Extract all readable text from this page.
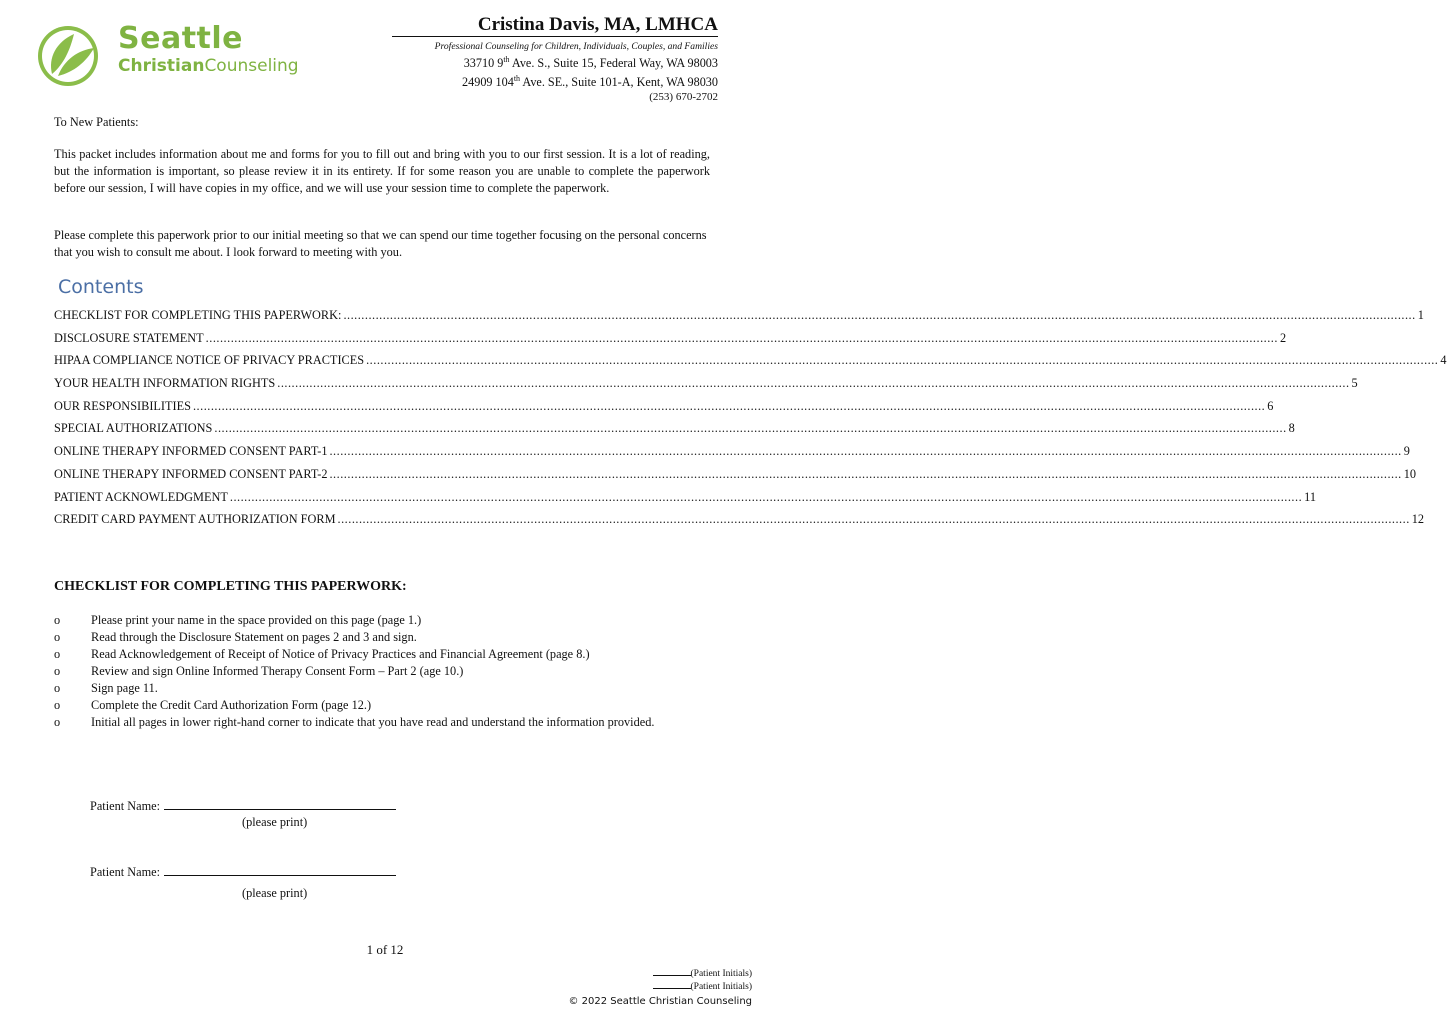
Seattle
ChristianCounseling
Cristina Davis, MA, LMHCA
Professional Counseling for Children, Individuals, Couples, and Families
33710 9th Ave. S., Suite 15, Federal Way, WA 98003
24909 104th Ave. SE., Suite 101-A, Kent, WA 98030
(253) 670-2702
To New Patients:
This packet includes information about me and forms for you to fill out and bring with you to our first session. It is a lot of reading, but the information is important, so please review it in its entirety. If for some reason you are unable to complete the paperwork before our session, I will have copies in my office, and we will use your session time to complete the paperwork.
Please complete this paperwork prior to our initial meeting so that we can spend our time together focusing on the personal concerns that you wish to consult me about. I look forward to meeting with you.
Contents
CHECKLIST FOR COMPLETING THIS PAPERWORK: ............................................................................................................................................................................................................................................................................................................ 1
DISCLOSURE STATEMENT ............................................................................................................................................................................................................................................................................................................ 2
HIPAA COMPLIANCE NOTICE OF PRIVACY PRACTICES ............................................................................................................................................................................................................................................................................................................ 4
YOUR HEALTH INFORMATION RIGHTS ............................................................................................................................................................................................................................................................................................................ 5
OUR RESPONSIBILITIES ............................................................................................................................................................................................................................................................................................................ 6
SPECIAL AUTHORIZATIONS ............................................................................................................................................................................................................................................................................................................ 8
ONLINE THERAPY INFORMED CONSENT PART-1 ............................................................................................................................................................................................................................................................................................................ 9
ONLINE THERAPY INFORMED CONSENT PART-2 ............................................................................................................................................................................................................................................................................................................ 10
PATIENT ACKNOWLEDGMENT ............................................................................................................................................................................................................................................................................................................ 11
CREDIT CARD PAYMENT AUTHORIZATION FORM ............................................................................................................................................................................................................................................................................................................ 12
CHECKLIST FOR COMPLETING THIS PAPERWORK:
o	Please print your name in the space provided on this page (page 1.)
o	Read through the Disclosure Statement on pages 2 and 3 and sign.
o	Read Acknowledgement of Receipt of Notice of Privacy Practices and Financial Agreement (page 8.)
o	Review and sign Online Informed Therapy Consent Form – Part 2 (age 10.)
o	Sign page 11.
o	Complete the Credit Card Authorization Form (page 12.)
o	Initial all pages in lower right-hand corner to indicate that you have read and understand the information provided.
Patient Name:
(please print)
Patient Name:
(please print)
1 of 12
(Patient Initials)
(Patient Initials)
© 2022 Seattle Christian Counseling
